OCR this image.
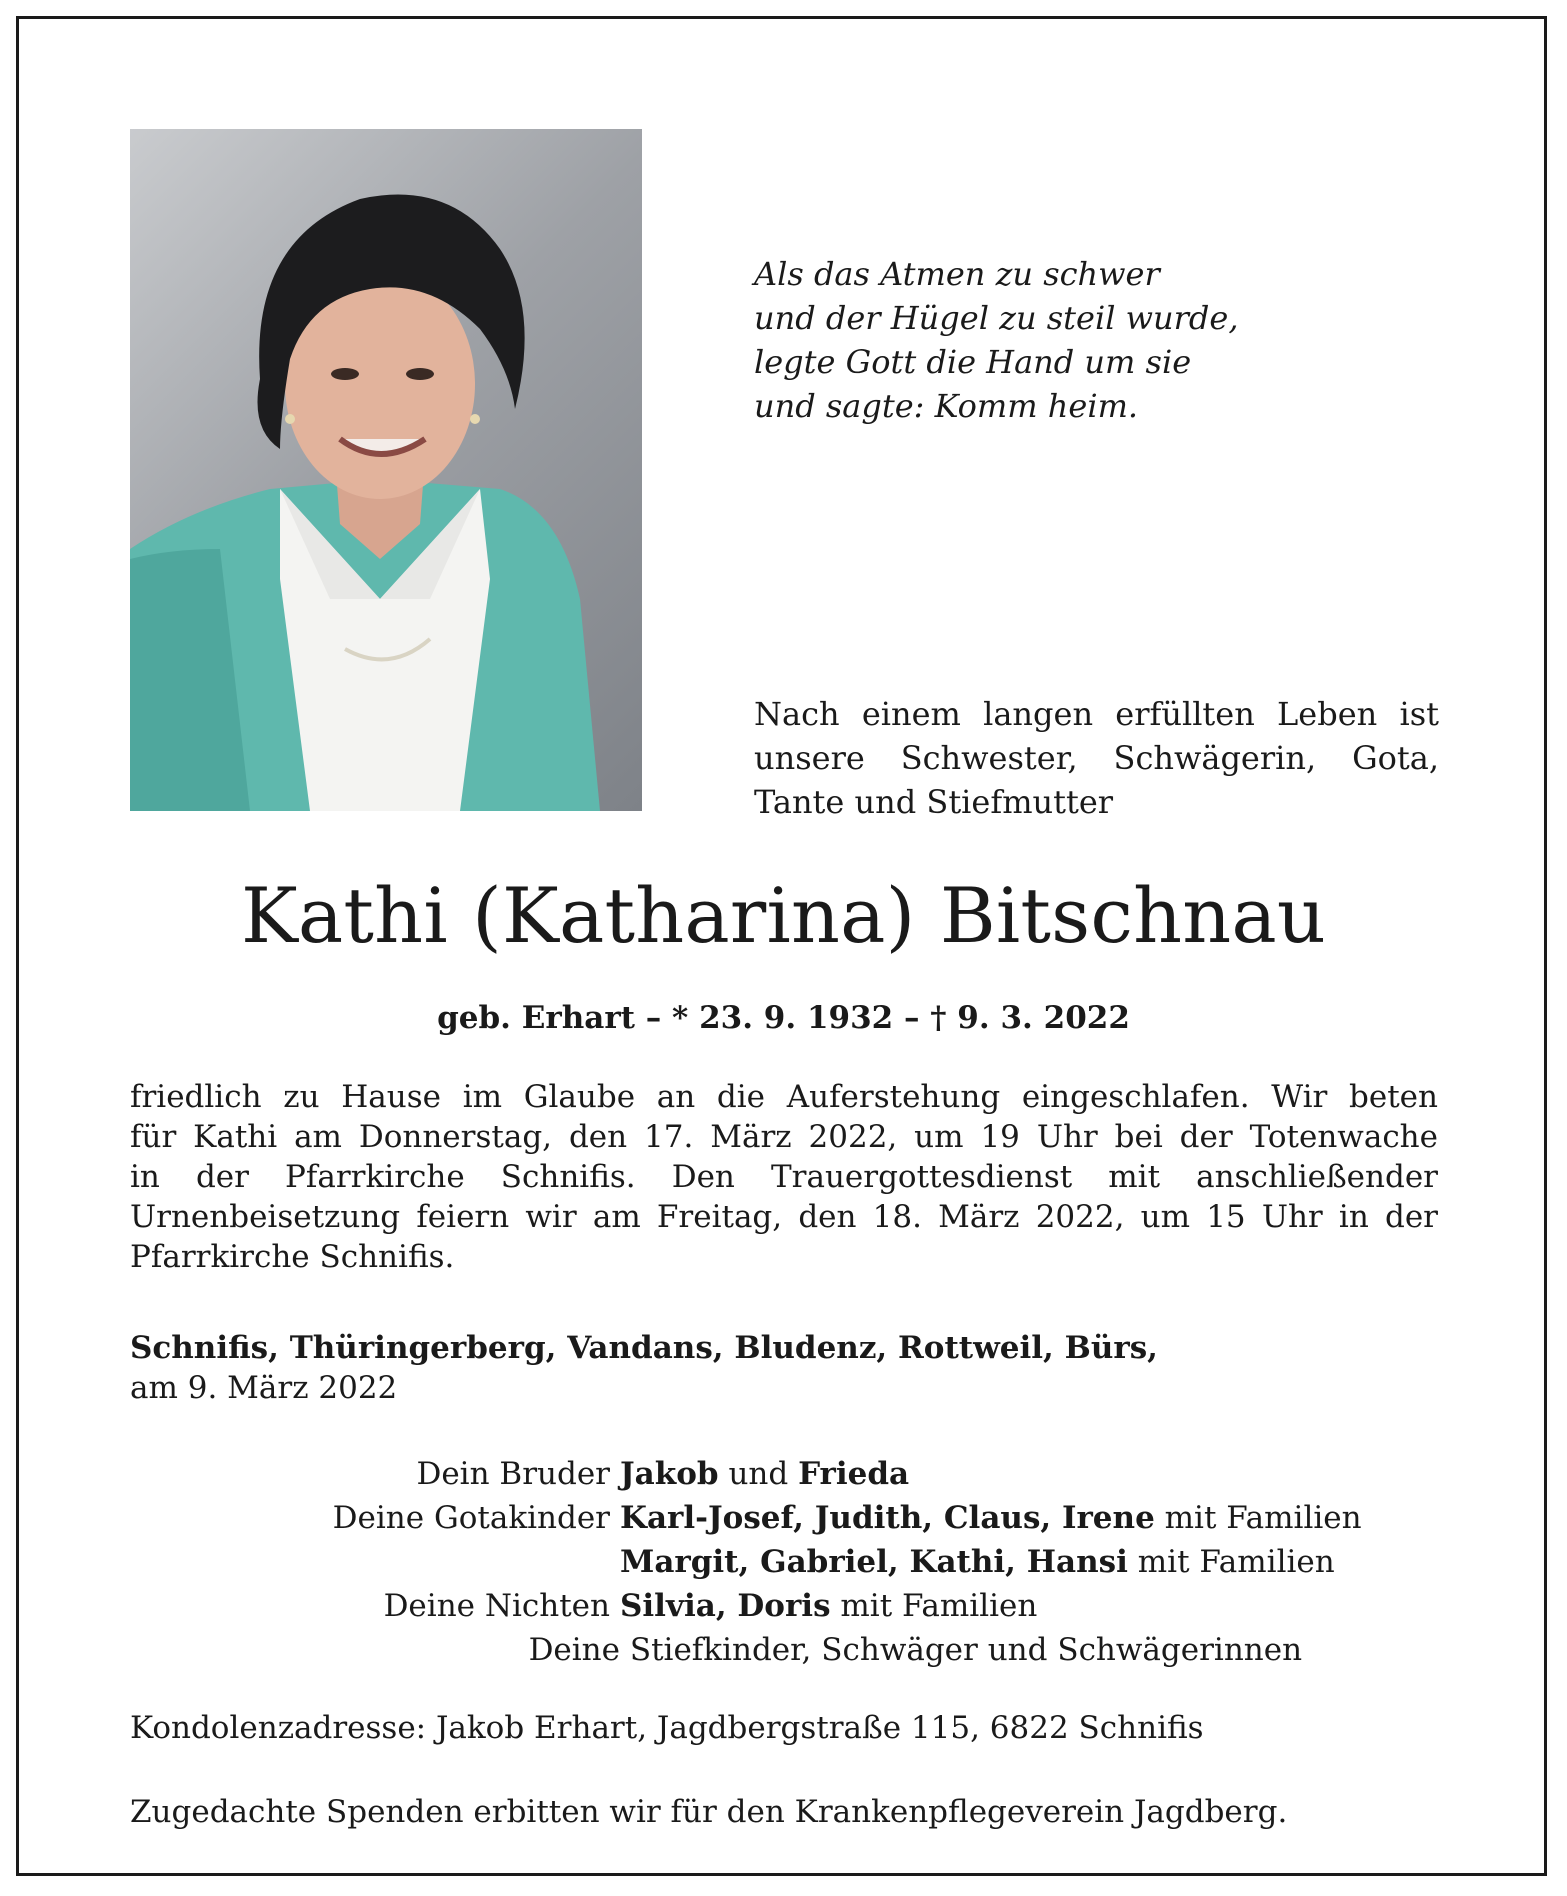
Als das Atmen zu schwer
und der Hügel zu steil wurde,
legte Gott die Hand um sie
und sagte: Komm heim.
Nach einem langen erfüllten Leben ist
unsere Schwester, Schwägerin, Gota,
Tante und Stiefmutter
Kathi (Katharina) Bitschnau
geb. Erhart – * 23. 9. 1932 – † 9. 3. 2022
friedlich zu Hause im Glaube an die Auferstehung eingeschlafen. Wir beten
für Kathi am Donnerstag, den 17. März 2022, um 19 Uhr bei der Totenwache
in der Pfarrkirche Schnifis. Den Trauergottesdienst mit anschließender
Urnenbeisetzung feiern wir am Freitag, den 18. März 2022, um 15 Uhr in der
Pfarrkirche Schnifis.
Schnifis, Thüringerberg, Vandans, Bludenz, Rottweil, Bürs,
am 9. März 2022
Dein Bruder Jakob und Frieda
Deine Gotakinder Karl-Josef, Judith, Claus, Irene mit Familien
Margit, Gabriel, Kathi, Hansi mit Familien
Deine Nichten Silvia, Doris mit Familien
Deine Stiefkinder, Schwäger und Schwägerinnen
Kondolenzadresse: Jakob Erhart, Jagdbergstraße 115, 6822 Schnifis
Zugedachte Spenden erbitten wir für den Krankenpflegeverein Jagdberg.
